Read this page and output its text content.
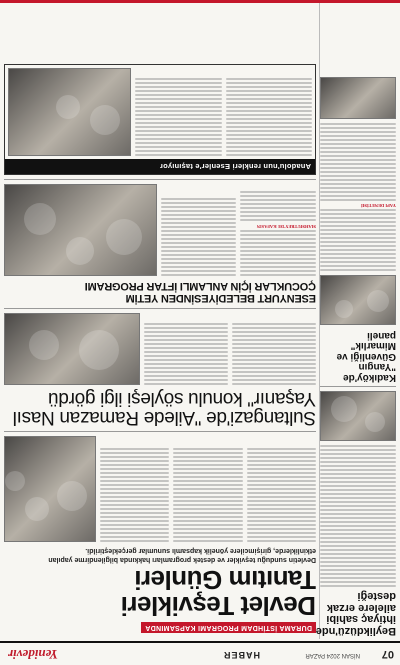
07
NİSAN 2024 PAZAR
HABER
Yenidevir
Beylikdüzü'nde ihtiyaç sahibi ailelere erzak desteği
Kadıköy'de "Yangın Güvenliği ve Mimarlık" paneli
YAPI DENETİMİ
DURAMA İSTİHDAM PROGRAMI KAPSAMINDA
Devlet Teşvikleri
Tanıtım Günleri
Devletin sunduğu teşvikler ve destek programları hakkında bilgilendirme yapılan etkinliklerde, girişimcilere yönelik kapsamlı sunumlar gerçekleştirildi.
Sultangazi'de "Ailede Ramazan Nasıl
Yaşanır" konulu söyleşi ilgi gördü
ESENYURT BELEDİYESİNDEN YETİM
ÇOCUKLAR İÇİN ANLAMLI İFTAR PROGRAMI
MAHMUTBEY'DE KAFASIN
Anadolu'nun renkleri Esenler'e taşınıyor
